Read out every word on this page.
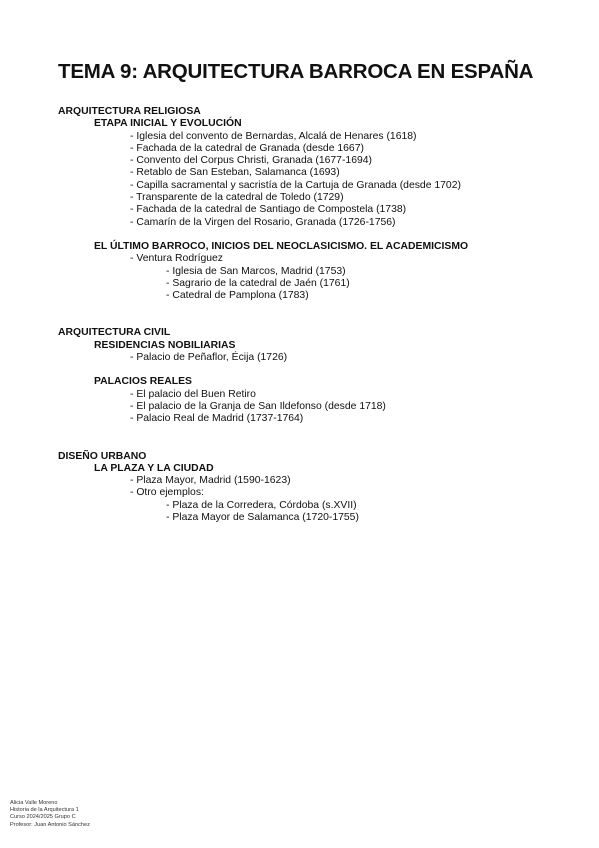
TEMA 9: ARQUITECTURA BARROCA EN ESPAÑA
ARQUITECTURA RELIGIOSA
ETAPA INICIAL Y EVOLUCIÓN
- Iglesia del convento de Bernardas, Alcalá de Henares (1618)
- Fachada de la catedral de Granada (desde 1667)
- Convento del Corpus Christi, Granada (1677-1694)
- Retablo de San Esteban, Salamanca (1693)
- Capilla sacramental y sacristía de la Cartuja de Granada (desde 1702)
- Transparente de la catedral de Toledo (1729)
- Fachada de la catedral de Santiago de Compostela (1738)
- Camarín de la Virgen del Rosario, Granada (1726-1756)
EL ÚLTIMO BARROCO, INICIOS DEL NEOCLASICISMO. EL ACADEMICISMO
- Ventura Rodríguez
- Iglesia de San Marcos, Madrid (1753)
- Sagrario de la catedral de Jaén (1761)
- Catedral de Pamplona (1783)
ARQUITECTURA CIVIL
RESIDENCIAS NOBILIARIAS
- Palacio de Peñaflor, Écija (1726)
PALACIOS REALES
- El palacio del Buen Retiro
- El palacio de la Granja de San Ildefonso (desde 1718)
- Palacio Real de Madrid (1737-1764)
DISEÑO URBANO
LA PLAZA Y LA CIUDAD
- Plaza Mayor, Madrid (1590-1623)
- Otro ejemplos:
- Plaza de la Corredera, Córdoba (s.XVII)
- Plaza Mayor de Salamanca (1720-1755)
Alicia Valle Moreno
Historia de la Arquitectura 1
Curso 2024/2025 Grupo C
Profesor: Juan Antonio Sánchez
